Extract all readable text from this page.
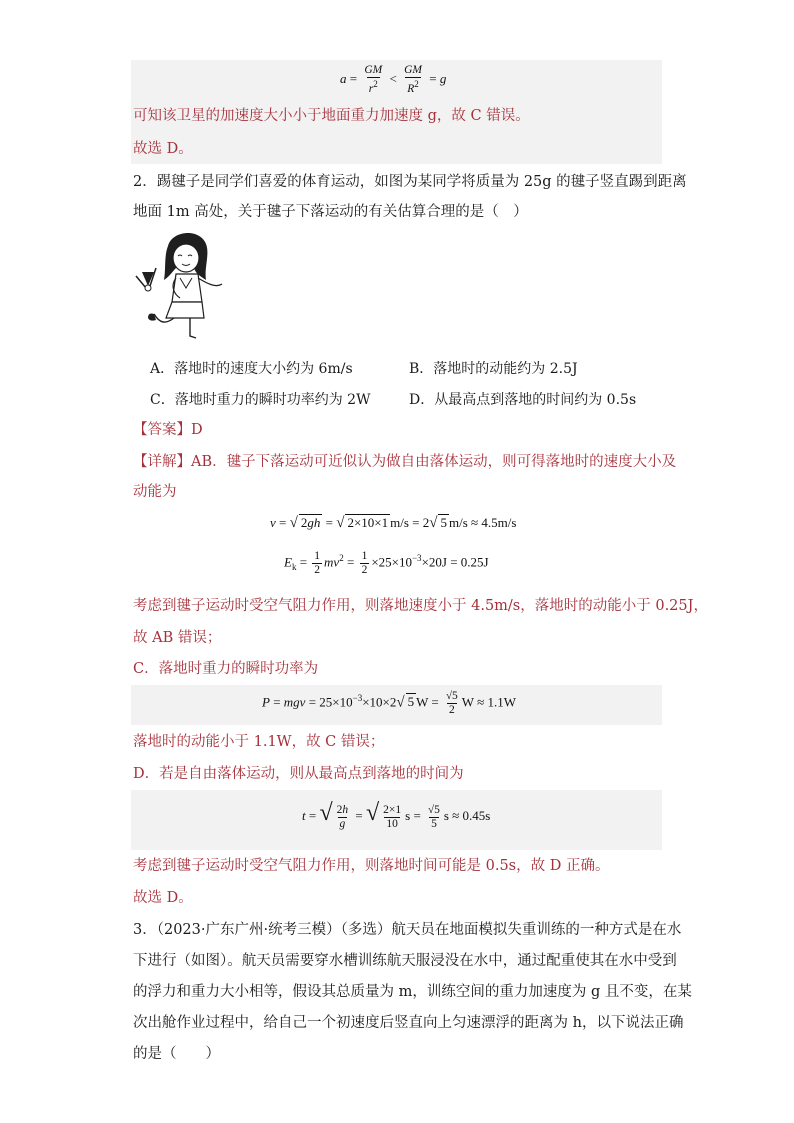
$a = \frac{GM}{r^2} < \frac{GM}{R^2} = g$
可知该卫星的加速度大小小于地面重力加速度 g，故 C 错误。
故选 D。
2．踢毽子是同学们喜爱的体育运动，如图为某同学将质量为 25g 的毽子竖直踢到距离
地面 1m 高处，关于毽子下落运动的有关估算合理的是（　）
A．落地时的速度大小约为 6m/s	B．落地时的动能约为 2.5J
C．落地时重力的瞬时功率约为 2W	D．从最高点到落地的时间约为 0.5s
【答案】D
【详解】AB．毽子下落运动可近似认为做自由落体运动，则可得落地时的速度大小及
动能为
v = √ 2gh = √ 2×10×1 m/s = 2√ 5 m/s ≈ 4.5m/s
$E_k = \frac{1}{2} mv^2 = \frac{1}{2} \times 25\times 10^{-3}\times 20J = 0.25J$
考虑到毽子运动时受空气阻力作用，则落地速度小于 4.5m/s，落地时的动能小于 0.25J，
故 AB 错误；
C．落地时重力的瞬时功率为
P = mgv = $25\times 10^{-3}\times 10\times 2√$ 5 $W = \frac{√5}{2}$ W ≈ 1.1W
落地时的动能小于 1.1W，故 C 错误；
D．若是自由落体运动，则从最高点到落地的时间为
t = √ $\frac{2h}{g}$ = √ $\frac{2\times 1}{10}$ $s = \frac{√5}{5}$ s ≈ 0.45s
考虑到毽子运动时受空气阻力作用，则落地时间可能是 0.5s，故 D 正确。
故选 D。
3．（2023·广东广州·统考三模）（多选）航天员在地面模拟失重训练的一种方式是在水
下进行（如图）。航天员需要穿水槽训练航天服浸没在水中，通过配重使其在水中受到
的浮力和重力大小相等，假设其总质量为 m，训练空间的重力加速度为 g 且不变，在某
次出舱作业过程中，给自己一个初速度后竖直向上匀速漂浮的距离为 h，以下说法正确
的是（　　）
